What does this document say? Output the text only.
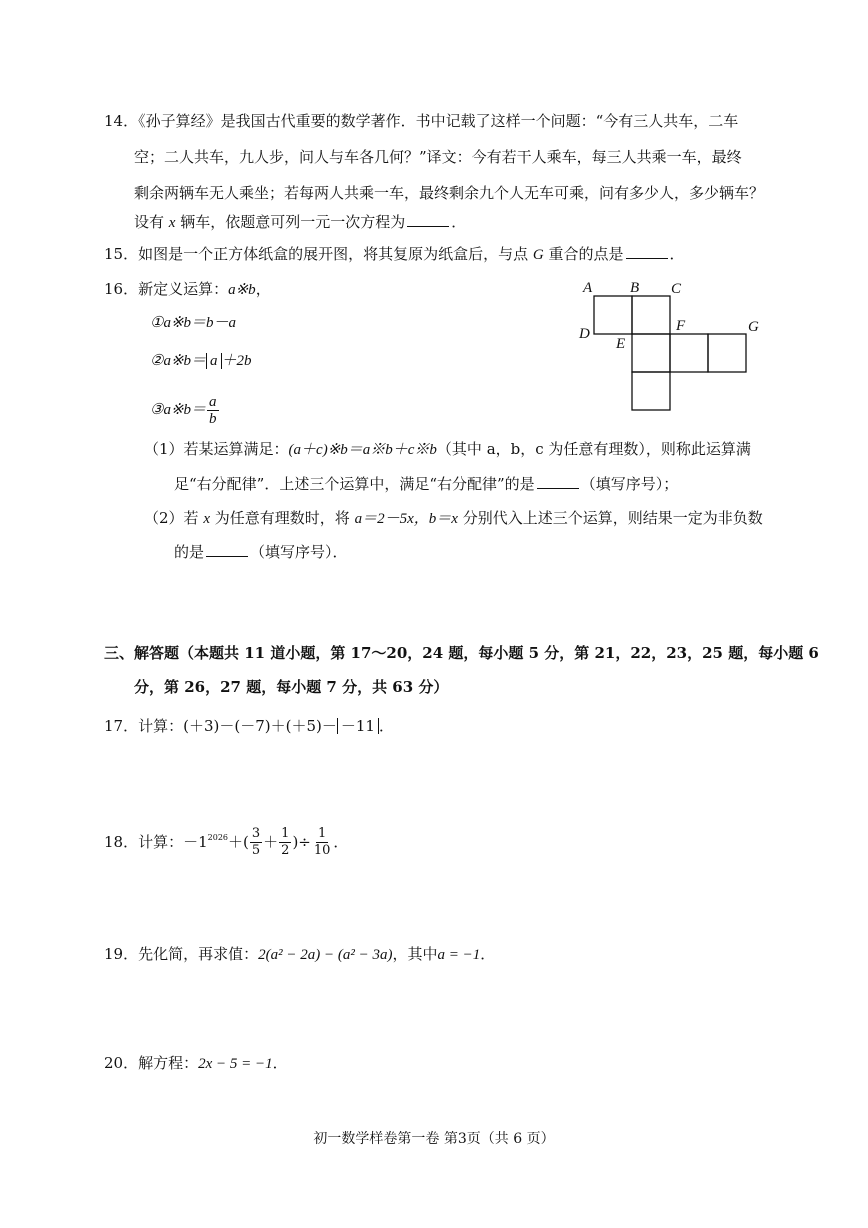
14．《孙子算经》是我国古代重要的数学著作．书中记载了这样一个问题：“今有三人共车，二车
空；二人共车，九人步，问人与车各几何？”译文：今有若干人乘车，每三人共乘一车，最终
剩余两辆车无人乘坐；若每两人共乘一车，最终剩余九个人无车可乘，问有多少人，多少辆车？
设有 x 辆车，依题意可列一元一次方程为	．
15．如图是一个正方体纸盒的展开图，将其复原为纸盒后，与点 G 重合的点是	．
16．新定义运算：a※b，
①a※b＝b－a
②a※b＝ a ＋2b
③a※b＝ $\frac{a}{b}$
（1）若某运算满足：(a＋c)※b＝a※b＋c※b（其中 a，b，c 为任意有理数），则称此运算满
足“右分配律”．上述三个运算中，满足“右分配律”的是	（填写序号）；
（2）若 x 为任意有理数时，将 a＝2－5x，b＝x 分别代入上述三个运算，则结果一定为非负数
的是	（填写序号）．
A	B C
D
E
F	G
三、解答题（本题共 11 道小题，第 17～20，24 题，每小题 5 分，第 21，22，23，25 题，每小题 6
分，第 26，27 题，每小题 7 分，共 63 分）
17．计算：(＋3)－(－7)＋(＋5)－ －11 ．
18． 计算： $-1^{2026}$ ＋( $\frac{3}{5} + \frac{1}{2}$ )÷ $\frac{1}{10}$ ．
19．先化简，再求值：2(a² − 2a) − (a² − 3a)，其中a = −1．
20．解方程：2x − 5 = −1．
初一数学样卷第一卷 第3页（共 6 页）
